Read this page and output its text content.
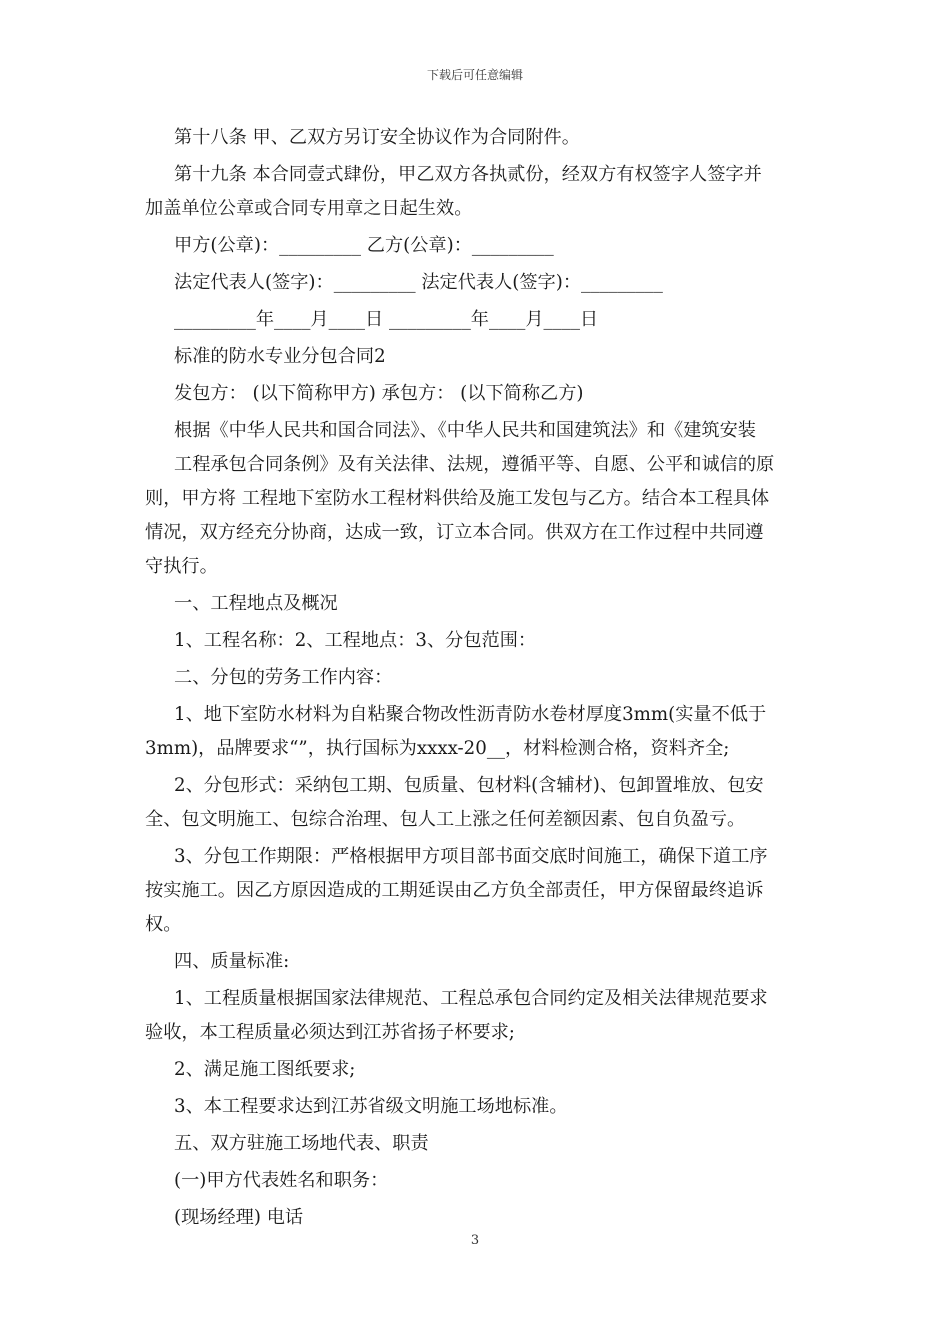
下载后可任意编辑
第十八条 甲、乙双方另订安全协议作为合同附件。
第十九条 本合同壹式肆份，甲乙双方各执贰份，经双方有权签字人签字并
加盖单位公章或合同专用章之日起生效。
甲方(公章)：_________ 乙方(公章)：_________
法定代表人(签字)：_________ 法定代表人(签字)：_________
_________年____月____日 _________年____月____日
标准的防水专业分包合同2
发包方： (以下简称甲方) 承包方： (以下简称乙方)
根据《中华人民共和国合同法》、《中华人民共和国建筑法》和《建筑安装
工程承包合同条例》及有关法律、法规，遵循平等、自愿、公平和诚信的原
则，甲方将 工程地下室防水工程材料供给及施工发包与乙方。结合本工程具体
情况，双方经充分协商，达成一致，订立本合同。供双方在工作过程中共同遵
守执行。
一、工程地点及概况
1、工程名称：2、工程地点：3、分包范围：
二、分包的劳务工作内容：
1、地下室防水材料为自粘聚合物改性沥青防水卷材厚度3mm(实量不低于
3mm)，品牌要求“”，执行国标为xxxx-20__，材料检测合格，资料齐全;
2、分包形式：采纳包工期、包质量、包材料(含辅材)、包卸置堆放、包安
全、包文明施工、包综合治理、包人工上涨之任何差额因素、包自负盈亏。
3、分包工作期限：严格根据甲方项目部书面交底时间施工，确保下道工序
按实施工。因乙方原因造成的工期延误由乙方负全部责任，甲方保留最终追诉
权。
四、质量标准:
1、工程质量根据国家法律规范、工程总承包合同约定及相关法律规范要求
验收，本工程质量必须达到江苏省扬子杯要求;
2、满足施工图纸要求;
3、本工程要求达到江苏省级文明施工场地标准。
五、双方驻施工场地代表、职责
(一)甲方代表姓名和职务：
(现场经理) 电话
3
